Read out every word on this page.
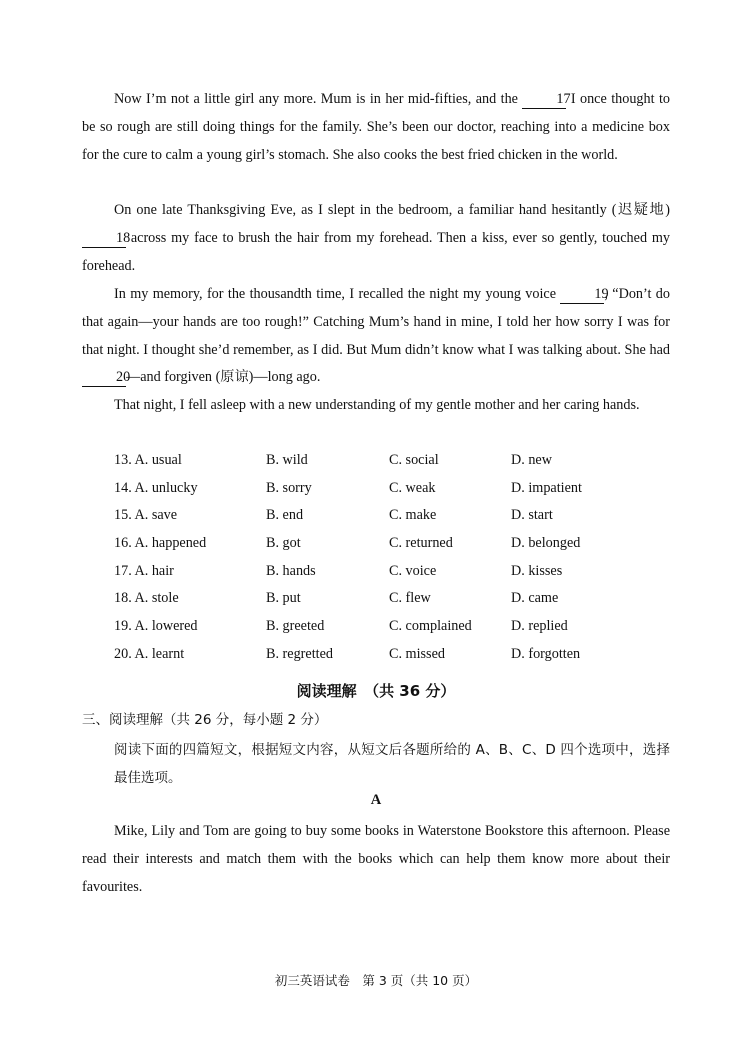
Now I’m not a little girl any more. Mum is in her mid-fifties, and the	17 I once thought to be so rough are still doing things for the family. She’s been our doctor, reaching into a medicine box for the cure to calm a young girl’s stomach. She also cooks the best fried chicken in the world.

On one late Thanksgiving Eve, as I slept in the bedroom, a familiar hand hesitantly (迟疑地) 18 across my face to brush the hair from my forehead. Then a kiss, ever so gently, touched my forehead.

In my memory, for the thousandth time, I recalled the night my young voice	19, “Don’t do that again—your hands are too rough!” Catching Mum’s hand in mine, I told her how sorry I was for that night. I thought she’d remember, as I did. But Mum didn’t know what I was talking about. She had 20—and forgiven (原谅)—long ago.

That night, I fell asleep with a new understanding of my gentle mother and her caring hands.

13. A. usual	B. wild	C. social	D. new
14. A. unlucky	B. sorry	C. weak	D. impatient
15. A. save	B. end	C. make	D. start
16. A. happened	B. got	C. returned	D. belonged
17. A. hair	B. hands	C. voice	D. kisses
18. A. stole	B. put	C. flew	D. came
19. A. lowered	B. greeted	C. complained	D. replied
20. A. learnt	B. regretted	C. missed	D. forgotten
阅读理解　（共 36 分）
三、阅读理解（共 26 分，每小题 2 分）

阅读下面的四篇短文，根据短文内容，从短文后各题所给的 A、B、C、D 四个选项中，选择最佳选项。

A

Mike, Lily and Tom are going to buy some books in Waterstone Bookstore this afternoon. Please read their interests and match them with the books which can help them know more about their favourites.

初三英语试卷　第 3 页（共 10 页）
